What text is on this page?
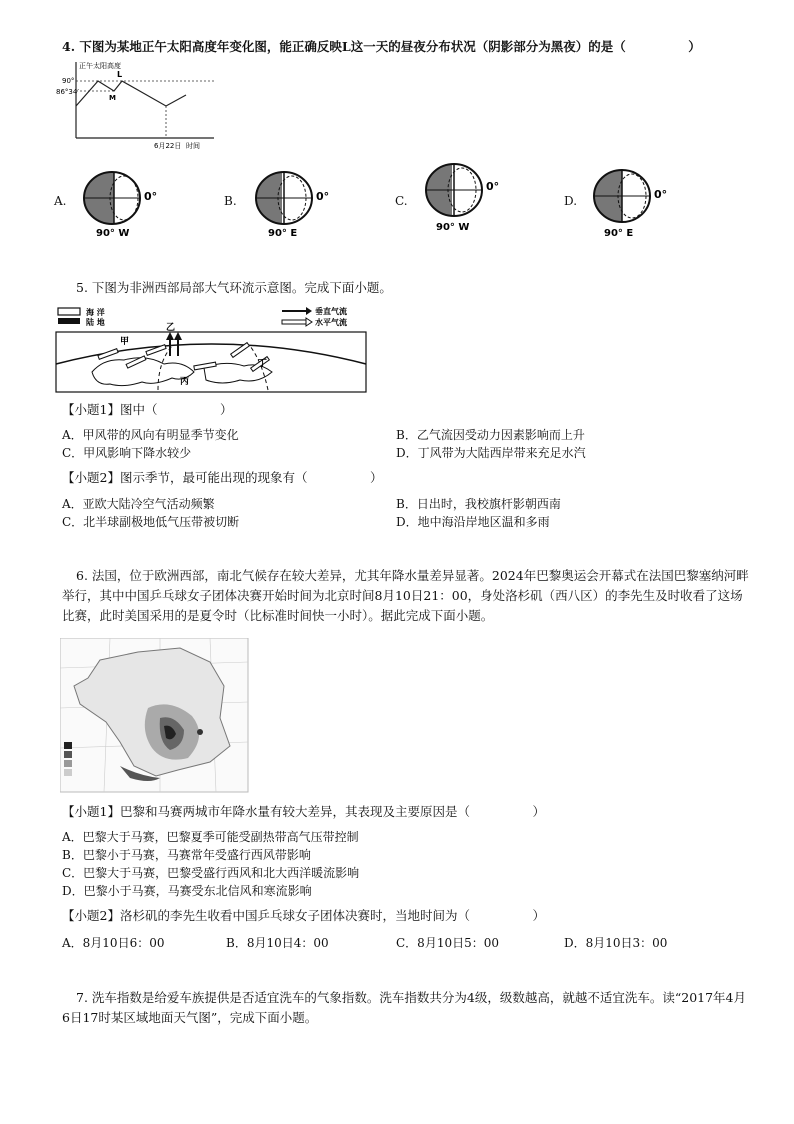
4. 下图为某地正午太阳高度年变化图，能正确反映L这一天的昼夜分布状况（阴影部分为黑夜）的是（　　　　　）
正午太阳高度
90°
86°34′
L
M
6月22日 时间
A.	0°
90° W
B.	0°
90° E
C.
0°
90° W
D.	0°
90° E
5. 下图为非洲西部局部大气环流示意图。完成下面小题。
海 洋
陆 地
垂直气流
水平气流
乙
甲
丙
丁
【小题1】图中（　　　　　）
A．甲风带的风向有明显季节变化	B．乙气流因受动力因素影响而上升
C．甲风影响下降水较少	D．丁风带为大陆西岸带来充足水汽
【小题2】图示季节，最可能出现的现象有（　　　　　）
A．亚欧大陆冷空气活动频繁	B．日出时，我校旗杆影朝西南
C．北半球副极地低气压带被切断	D．地中海沿岸地区温和多雨
6. 法国，位于欧洲西部，南北气候存在较大差异，尤其年降水量差异显著。2024年巴黎奥运会开幕式在法国巴黎塞纳河畔举行，其中中国乒乓球女子团体决赛开始时间为北京时间8月10日21：00，身处洛杉矶（西八区）的李先生及时收看了这场比赛，此时美国采用的是夏令时（比标准时间快一小时）。据此完成下面小题。
【小题1】巴黎和马赛两城市年降水量有较大差异，其表现及主要原因是（　　　　　）
A．巴黎大于马赛，巴黎夏季可能受副热带高气压带控制
B．巴黎小于马赛，马赛常年受盛行西风带影响
C．巴黎大于马赛，巴黎受盛行西风和北大西洋暖流影响
D．巴黎小于马赛，马赛受东北信风和寒流影响
【小题2】洛杉矶的李先生收看中国乒乓球女子团体决赛时，当地时间为（　　　　　）
A．8月10日6：00	B．8月10日4：00	C．8月10日5：00	D．8月10日3：00
7. 洗车指数是给爱车族提供是否适宜洗车的气象指数。洗车指数共分为4级，级数越高，就越不适宜洗车。读“2017年4月6日17时某区域地面天气图”，完成下面小题。
